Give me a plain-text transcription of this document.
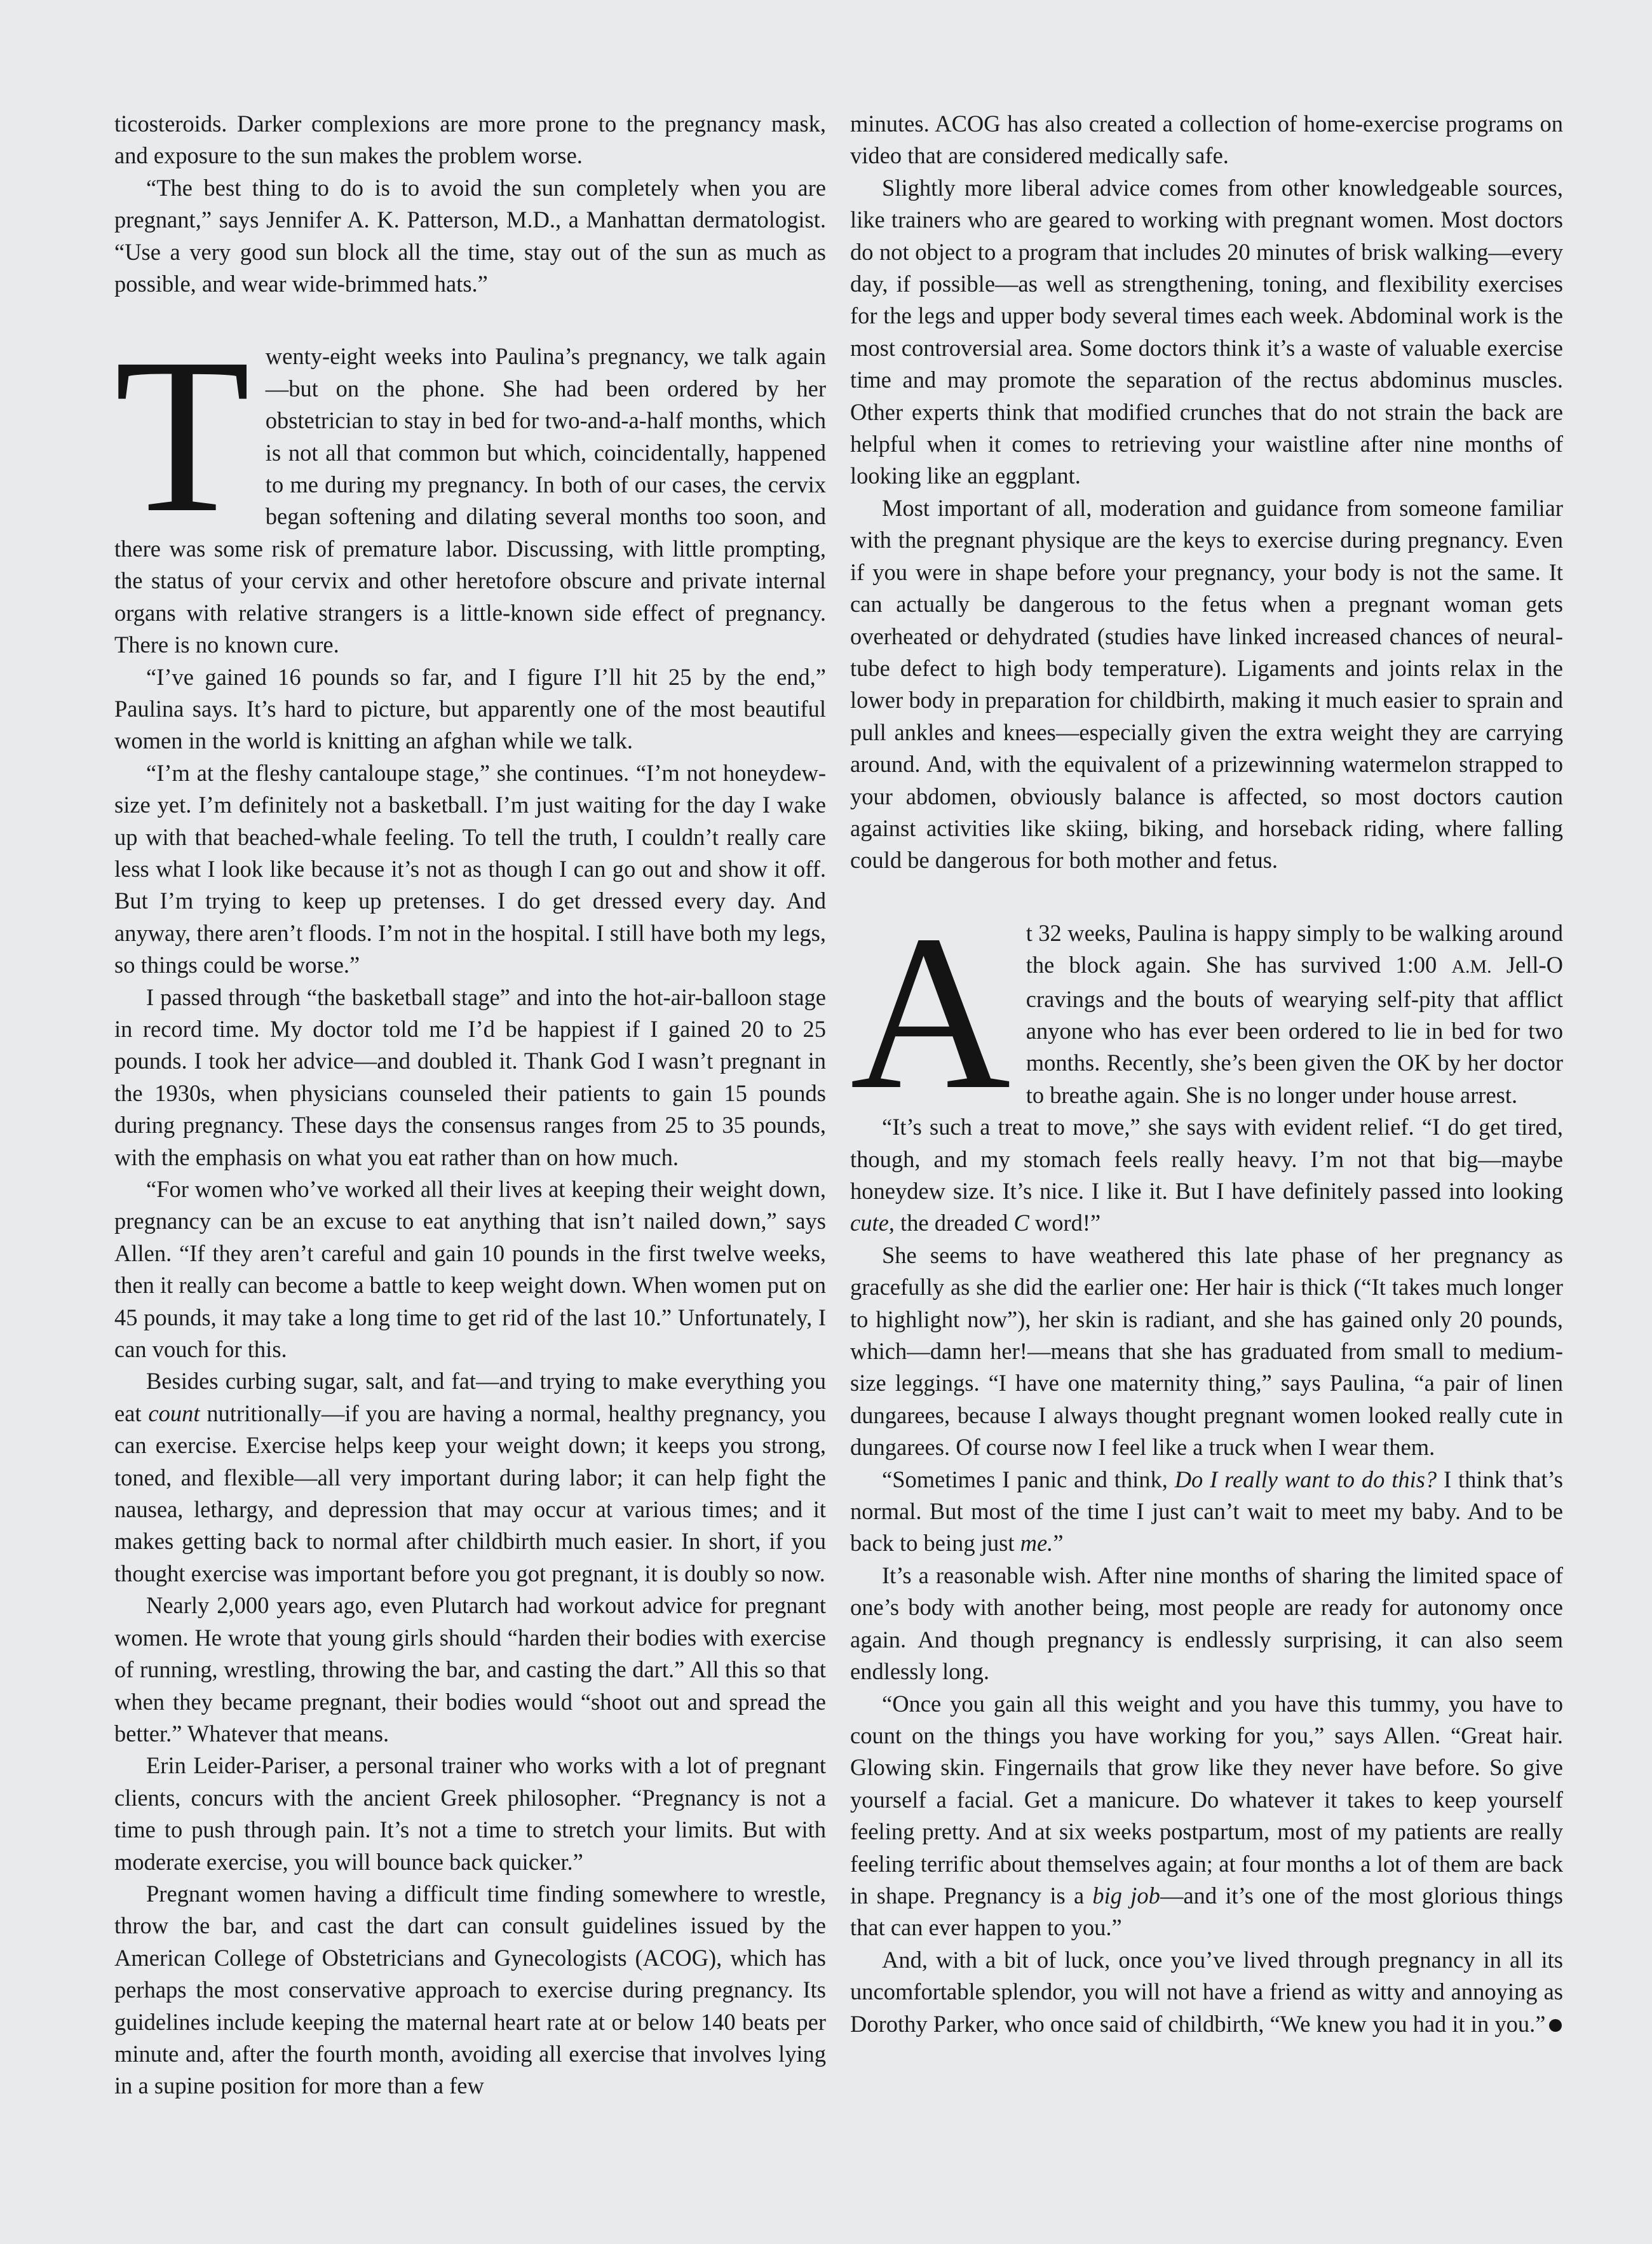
ticosteroids. Darker complexions are more prone to the pregnancy mask, and exposure to the sun makes the problem worse.

“The best thing to do is to avoid the sun completely when you are pregnant,” says Jennifer A. K. Patterson, M.D., a Manhattan dermatologist. “Use a very good sun block all the time, stay out of the sun as much as possible, and wear wide-brimmed hats.”

Twenty-eight weeks into Paulina’s pregnancy, we talk again—but on the phone. She had been ordered by her obstetrician to stay in bed for two-and-a-half months, which is not all that common but which, coincidentally, happened to me during my pregnancy. In both of our cases, the cervix began softening and dilating several months too soon, and there was some risk of premature labor. Discussing, with little prompting, the status of your cervix and other heretofore obscure and private internal organs with relative strangers is a little-known side effect of pregnancy. There is no known cure.

“I’ve gained 16 pounds so far, and I figure I’ll hit 25 by the end,” Paulina says. It’s hard to picture, but apparently one of the most beautiful women in the world is knitting an afghan while we talk.

“I’m at the fleshy cantaloupe stage,” she continues. “I’m not honeydew-size yet. I’m definitely not a basketball. I’m just waiting for the day I wake up with that beached-whale feeling. To tell the truth, I couldn’t really care less what I look like because it’s not as though I can go out and show it off. But I’m trying to keep up pretenses. I do get dressed every day. And anyway, there aren’t floods. I’m not in the hospital. I still have both my legs, so things could be worse.”

I passed through “the basketball stage” and into the hot-air-balloon stage in record time. My doctor told me I’d be happiest if I gained 20 to 25 pounds. I took her advice—and doubled it. Thank God I wasn’t pregnant in the 1930s, when physicians counseled their patients to gain 15 pounds during pregnancy. These days the consensus ranges from 25 to 35 pounds, with the emphasis on what you eat rather than on how much.

“For women who’ve worked all their lives at keeping their weight down, pregnancy can be an excuse to eat anything that isn’t nailed down,” says Allen. “If they aren’t careful and gain 10 pounds in the first twelve weeks, then it really can become a battle to keep weight down. When women put on 45 pounds, it may take a long time to get rid of the last 10.” Unfortunately, I can vouch for this.

Besides curbing sugar, salt, and fat—and trying to make everything you eat count nutritionally—if you are having a normal, healthy pregnancy, you can exercise. Exercise helps keep your weight down; it keeps you strong, toned, and flexible—all very important during labor; it can help fight the nausea, lethargy, and depression that may occur at various times; and it makes getting back to normal after childbirth much easier. In short, if you thought exercise was important before you got pregnant, it is doubly so now.

Nearly 2,000 years ago, even Plutarch had workout advice for pregnant women. He wrote that young girls should “harden their bodies with exercise of running, wrestling, throwing the bar, and casting the dart.” All this so that when they became pregnant, their bodies would “shoot out and spread the better.” Whatever that means.

Erin Leider-Pariser, a personal trainer who works with a lot of pregnant clients, concurs with the ancient Greek philosopher. “Pregnancy is not a time to push through pain. It’s not a time to stretch your limits. But with moderate exercise, you will bounce back quicker.”

Pregnant women having a difficult time finding somewhere to wrestle, throw the bar, and cast the dart can consult guidelines issued by the American College of Obstetricians and Gynecologists (ACOG), which has perhaps the most conservative approach to exercise during pregnancy. Its guidelines include keeping the maternal heart rate at or below 140 beats per minute and, after the fourth month, avoiding all exercise that involves lying in a supine position for more than a few

minutes. ACOG has also created a collection of home-exercise programs on video that are considered medically safe.

Slightly more liberal advice comes from other knowledgeable sources, like trainers who are geared to working with pregnant women. Most doctors do not object to a program that includes 20 minutes of brisk walking—every day, if possible—as well as strengthening, toning, and flexibility exercises for the legs and upper body several times each week. Abdominal work is the most controversial area. Some doctors think it’s a waste of valuable exercise time and may promote the separation of the rectus abdominus muscles. Other experts think that modified crunches that do not strain the back are helpful when it comes to retrieving your waistline after nine months of looking like an eggplant.

Most important of all, moderation and guidance from someone familiar with the pregnant physique are the keys to exercise during pregnancy. Even if you were in shape before your pregnancy, your body is not the same. It can actually be dangerous to the fetus when a pregnant woman gets overheated or dehydrated (studies have linked increased chances of neural-tube defect to high body temperature). Ligaments and joints relax in the lower body in preparation for childbirth, making it much easier to sprain and pull ankles and knees—especially given the extra weight they are carrying around. And, with the equivalent of a prizewinning watermelon strapped to your abdomen, obviously balance is affected, so most doctors caution against activities like skiing, biking, and horseback riding, where falling could be dangerous for both mother and fetus.

At 32 weeks, Paulina is happy simply to be walking around the block again. She has survived 1:00 A.M. Jell-O cravings and the bouts of wearying self-pity that afflict anyone who has ever been ordered to lie in bed for two months. Recently, she’s been given the OK by her doctor to breathe again. She is no longer under house arrest.

“It’s such a treat to move,” she says with evident relief. “I do get tired, though, and my stomach feels really heavy. I’m not that big—maybe honeydew size. It’s nice. I like it. But I have definitely passed into looking cute, the dreaded C word!”

She seems to have weathered this late phase of her pregnancy as gracefully as she did the earlier one: Her hair is thick (“It takes much longer to highlight now”), her skin is radiant, and she has gained only 20 pounds, which—damn her!—means that she has graduated from small to medium-size leggings. “I have one maternity thing,” says Paulina, “a pair of linen dungarees, because I always thought pregnant women looked really cute in dungarees. Of course now I feel like a truck when I wear them.

“Sometimes I panic and think, Do I really want to do this? I think that’s normal. But most of the time I just can’t wait to meet my baby. And to be back to being just me.”

It’s a reasonable wish. After nine months of sharing the limited space of one’s body with another being, most people are ready for autonomy once again. And though pregnancy is endlessly surprising, it can also seem endlessly long.

“Once you gain all this weight and you have this tummy, you have to count on the things you have working for you,” says Allen. “Great hair. Glowing skin. Fingernails that grow like they never have before. So give yourself a facial. Get a manicure. Do whatever it takes to keep yourself feeling pretty. And at six weeks postpartum, most of my patients are really feeling terrific about themselves again; at four months a lot of them are back in shape. Pregnancy is a big job—and it’s one of the most glorious things that can ever happen to you.”

And, with a bit of luck, once you’ve lived through pregnancy in all its uncomfortable splendor, you will not have a friend as witty and annoying as Dorothy Parker, who once said of childbirth, “We knew you had it in you.”
